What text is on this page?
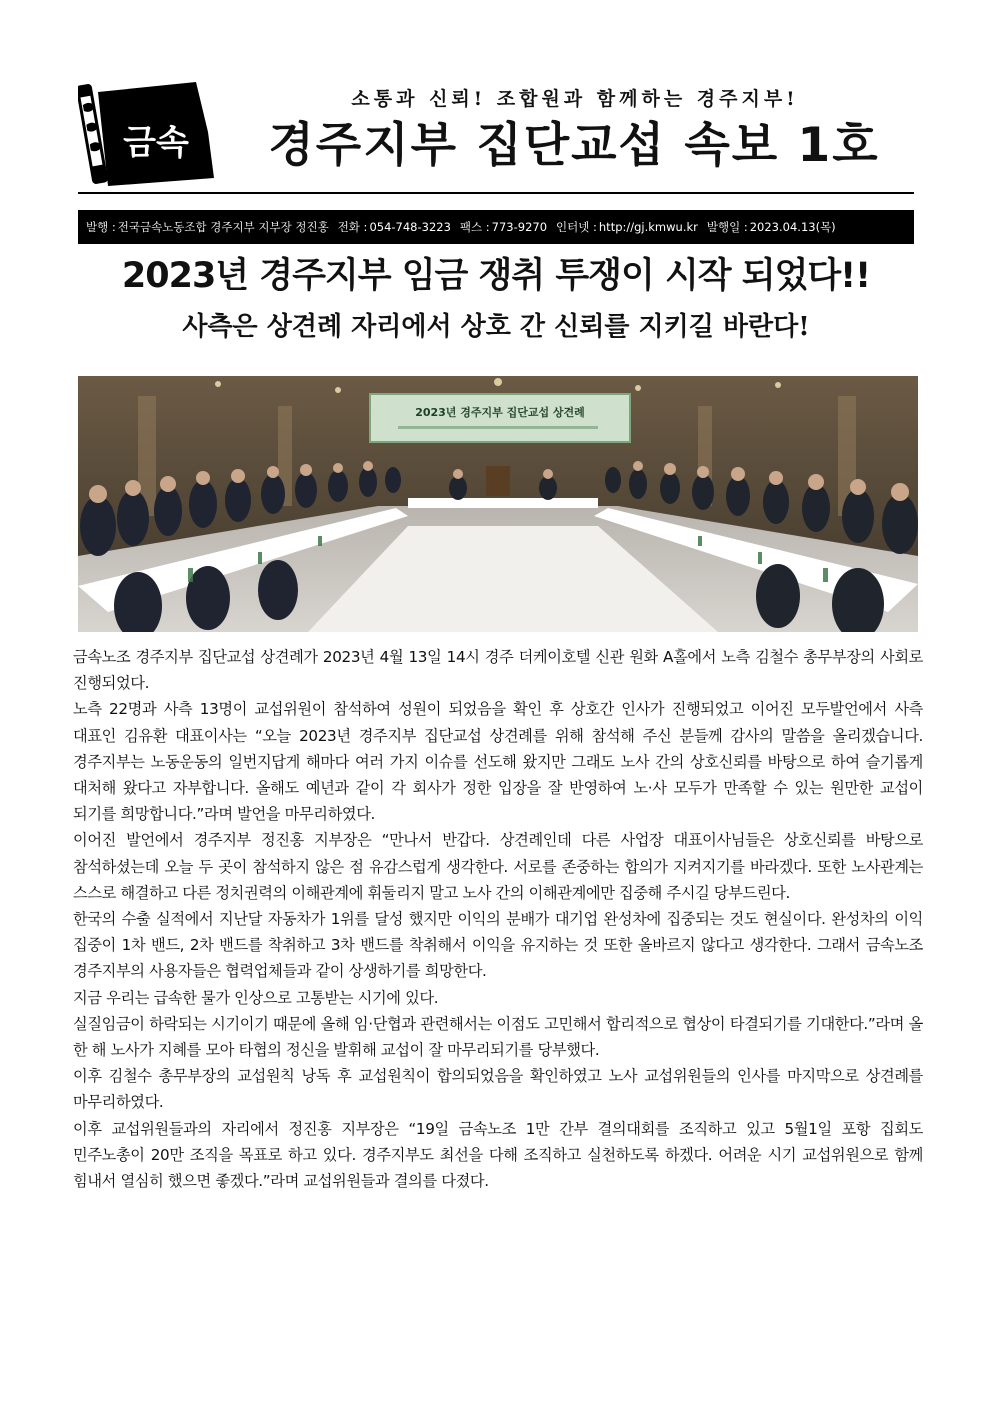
금속
소통과 신뢰! 조합원과 함께하는 경주지부!
경주지부 집단교섭 속보 1호
발행 : 전국금속노동조합 경주지부 지부장 정진홍 전화 : 054-748-3223 팩스 : 773-9270 인터넷 : http://gj.kmwu.kr 발행일 : 2023.04.13(목)
2023년 경주지부 임금 쟁취 투쟁이 시작 되었다!!
사측은 상견례 자리에서 상호 간 신뢰를 지키길 바란다!
2023년 경주지부 집단교섭 상견례

금속노조 경주지부 집단교섭 상견례가 2023년 4월 13일 14시 경주 더케이호텔 신관 원화 A홀에서 노측 김철수 총무부장의 사회로 진행되었다.

노측 22명과 사측 13명이 교섭위원이 참석하여 성원이 되었음을 확인 후 상호간 인사가 진행되었고 이어진 모두발언에서 사측 대표인 김유환 대표이사는 “오늘 2023년 경주지부 집단교섭 상견례를 위해 참석해 주신 분들께 감사의 말씀을 올리겠습니다. 경주지부는 노동운동의 일번지답게 해마다 여러 가지 이슈를 선도해 왔지만 그래도 노사 간의 상호신뢰를 바탕으로 하여 슬기롭게 대처해 왔다고 자부합니다. 올해도 예년과 같이 각 회사가 정한 입장을 잘 반영하여 노·사 모두가 만족할 수 있는 원만한 교섭이 되기를 희망합니다.”라며 발언을 마무리하였다.

이어진 발언에서 경주지부 정진홍 지부장은 “만나서 반갑다. 상견례인데 다른 사업장 대표이사님들은 상호신뢰를 바탕으로 참석하셨는데 오늘 두 곳이 참석하지 않은 점 유감스럽게 생각한다. 서로를 존중하는 합의가 지켜지기를 바라겠다. 또한 노사관계는 스스로 해결하고 다른 정치권력의 이해관계에 휘둘리지 말고 노사 간의 이해관계에만 집중해 주시길 당부드린다.

한국의 수출 실적에서 지난달 자동차가 1위를 달성 했지만 이익의 분배가 대기업 완성차에 집중되는 것도 현실이다. 완성차의 이익 집중이 1차 밴드, 2차 밴드를 착취하고 3차 밴드를 착취해서 이익을 유지하는 것 또한 올바르지 않다고 생각한다. 그래서 금속노조 경주지부의 사용자들은 협력업체들과 같이 상생하기를 희망한다.

지금 우리는 급속한 물가 인상으로 고통받는 시기에 있다.

실질임금이 하락되는 시기이기 때문에 올해 임·단협과 관련해서는 이점도 고민해서 합리적으로 협상이 타결되기를 기대한다.”라며 올 한 해 노사가 지혜를 모아 타협의 정신을 발휘해 교섭이 잘 마무리되기를 당부했다.

이후 김철수 총무부장의 교섭원칙 낭독 후 교섭원칙이 합의되었음을 확인하였고 노사 교섭위원들의 인사를 마지막으로 상견례를 마무리하였다.

이후 교섭위원들과의 자리에서 정진홍 지부장은 “19일 금속노조 1만 간부 결의대회를 조직하고 있고 5월1일 포항 집회도 민주노총이 20만 조직을 목표로 하고 있다. 경주지부도 최선을 다해 조직하고 실천하도록 하겠다. 어려운 시기 교섭위원으로 함께 힘내서 열심히 했으면 좋겠다.”라며 교섭위원들과 결의를 다졌다.
